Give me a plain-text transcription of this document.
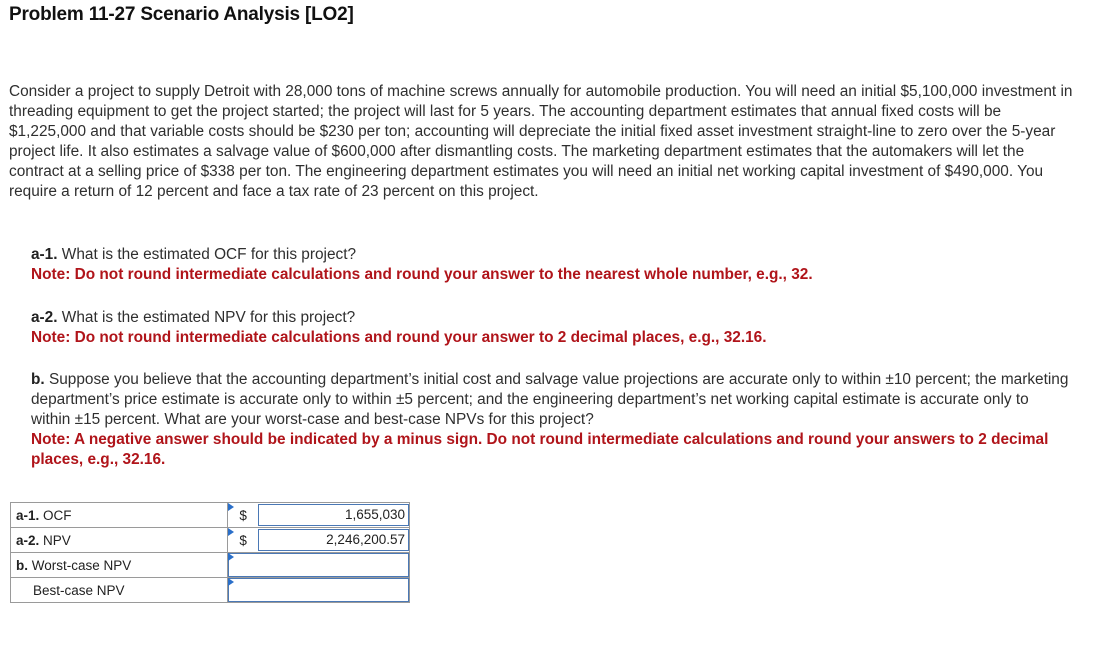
Problem 11-27 Scenario Analysis [LO2]
Consider a project to supply Detroit with 28,000 tons of machine screws annually for automobile production. You will need an initial $5,100,000 investment in threading equipment to get the project started; the project will last for 5 years. The accounting department estimates that annual fixed costs will be $1,225,000 and that variable costs should be $230 per ton; accounting will depreciate the initial fixed asset investment straight-line to zero over the 5-year project life. It also estimates a salvage value of $600,000 after dismantling costs. The marketing department estimates that the automakers will let the contract at a selling price of $338 per ton. The engineering department estimates you will need an initial net working capital investment of $490,000. You require a return of 12 percent and face a tax rate of 23 percent on this project.
a-1. What is the estimated OCF for this project?
Note: Do not round intermediate calculations and round your answer to the nearest whole number, e.g., 32.
a-2. What is the estimated NPV for this project?
Note: Do not round intermediate calculations and round your answer to 2 decimal places, e.g., 32.16.
b. Suppose you believe that the accounting department’s initial cost and salvage value projections are accurate only to within ±10 percent; the marketing department’s price estimate is accurate only to within ±5 percent; and the engineering department’s net working capital estimate is accurate only to within ±15 percent. What are your worst-case and best-case NPVs for this project?
Note: A negative answer should be indicated by a minus sign. Do not round intermediate calculations and round your answers to 2 decimal places, e.g., 32.16.
a-1. OCF	$	1,655,030

a-2. NPV	$	2,246,200.57

b. Worst-case NPV		

Best-case NPV		
